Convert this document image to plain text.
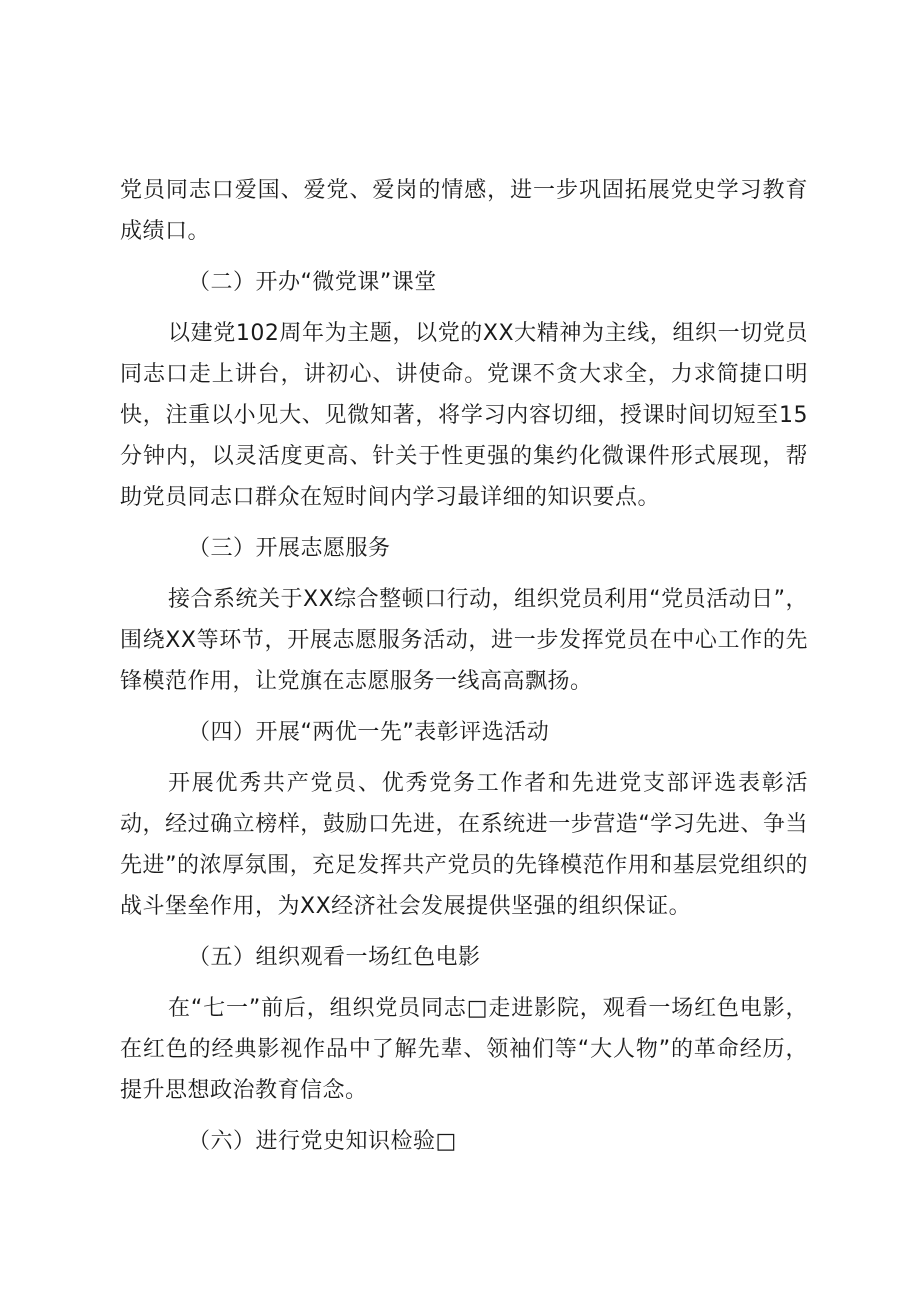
党员同志口爱国、爱党、爱岗的情感，进一步巩固拓展党史学习教育成绩口。

（二）开办“微党课”课堂

以建党102周年为主题，以党的XX大精神为主线，组织一切党员同志口走上讲台，讲初心、讲使命。党课不贪大求全，力求简捷口明快，注重以小见大、见微知著，将学习内容切细，授课时间切短至15分钟内，以灵活度更高、针关于性更强的集约化微课件形式展现，帮助党员同志口群众在短时间内学习最详细的知识要点。

（三）开展志愿服务

接合系统关于XX综合整顿口行动，组织党员利用“党员活动日”，围绕XX等环节，开展志愿服务活动，进一步发挥党员在中心工作的先锋模范作用，让党旗在志愿服务一线高高飘扬。

（四）开展“两优一先”表彰评选活动

开展优秀共产党员、优秀党务工作者和先进党支部评选表彰活动，经过确立榜样，鼓励口先进，在系统进一步营造“学习先进、争当先进”的浓厚氛围，充足发挥共产党员的先锋模范作用和基层党组织的战斗堡垒作用，为XX经济社会发展提供坚强的组织保证。

（五）组织观看一场红色电影

在“七一”前后，组织党员同志□走进影院，观看一场红色电影，在红色的经典影视作品中了解先辈、领袖们等“大人物”的革命经历，提升思想政治教育信念。

（六）进行党史知识检验□
